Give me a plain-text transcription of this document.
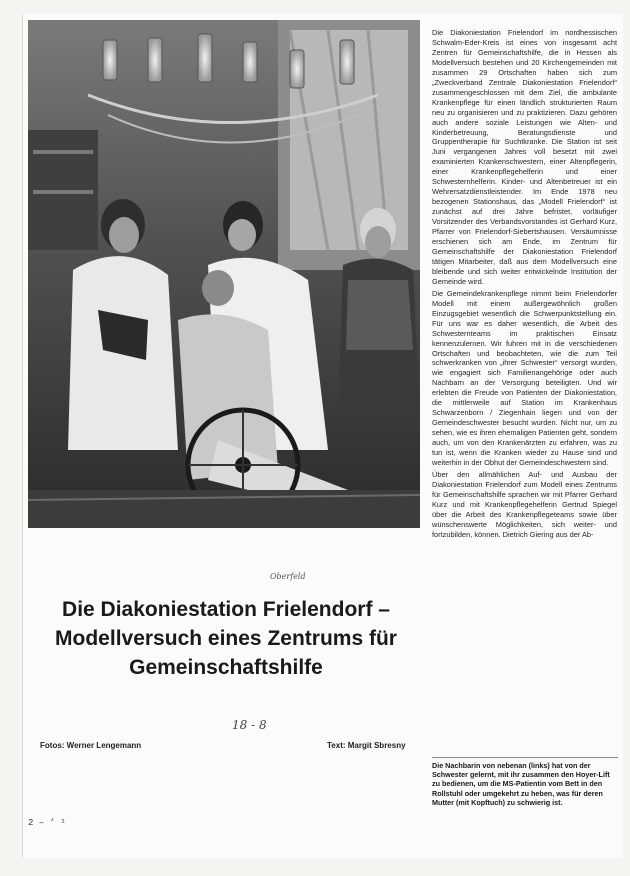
Die Diakoniestation Frielendorf im nordhessischen Schwalm-Eder-Kreis ist eines von insgesamt acht Zentren für Gemeinschaftshilfe, die in Hessen als Modellversuch bestehen und 20 Kirchengemeinden mit zusammen 29 Ortschaften haben sich zum „Zweckverband Zentrale Diakoniestation Frielendorf“ zusammengeschlossen mit dem Ziel, die ambulante Krankenpflege für einen ländlich strukturierten Raum neu zu organisieren und zu praktizieren. Dazu gehören auch andere soziale Leistungen wie Alten- und Kinderbetreuung, Beratungsdienste und Gruppentherapie für Suchtkranke. Die Station ist seit Juni vergangenen Jahres voll besetzt mit zwei examinierten Krankenschwestern, einer Altenpflegerin, einer Krankenpflegehelferin und einer Schwesternhelferin. Kinder- und Altenbetreuer ist ein Wehrersatzdienstleistender. Im Ende 1978 neu bezogenen Stationshaus, das „Modell Frielendorf“ ist zunächst auf drei Jahre befristet, vorläufiger Vorsitzender des Verbandsvorstandes ist Gerhard Kurz, Pfarrer von Frielendorf-Siebertshausen. Versäumnisse erschienen sich am Ende, im Zentrum für Gemeinschaftshilfe der Diakoniestation Frielendorf tätigen Mitarbeiter, daß aus dem Modellversuch eine bleibende und sich weiter entwickelnde Institution der Gemeinde wird.

Die Gemeindekrankenpflege nimmt beim Frielendorfer Modell mit einem außergewöhnlich großen Einzugsgebiet wesentlich die Schwerpunktstellung ein. Für uns war es daher wesentlich, die Arbeit des Schwesternteams im praktischen Einsatz kennenzulernen. Wir fuhren mit in die verschiedenen Ortschaften und beobachteten, wie die zum Teil schwerkranken von „ihrer Schwester“ versorgt wurden, wie engagiert sich Familienangehörige oder auch Nachbarn an der Versorgung beteiligten. Und wir erlebten die Freude von Patienten der Diakoniestation, die mittlerweile auf Station im Krankenhaus Schwarzenborn / Ziegenhain liegen und von der Gemeindeschwester besucht wurden. Nicht nur, um zu sehen, wie es ihren ehemaligen Patienten geht, sondern auch, um von den Krankenärzten zu erfahren, was zu tun ist, wenn die Kranken wieder zu Hause sind und weiterhin in der Obhut der Gemeindeschwestern sind.

Über den allmählichen Auf- und Ausbau der Diakoniestation Frielendorf zum Modell eines Zentrums für Gemeinschaftshilfe sprachen wir mit Pfarrer Gerhard Kurz und mit Krankenpflegehelferin Gertrud Spiegel über die Arbeit des Krankenpflegeteams sowie über wünschenswerte Möglichkeiten, sich weiter- und fortzubilden, können. Dietrich Giering aus der Ab-

Die Nachbarin von nebenan (links) hat von der Schwester gelernt, mit ihr zusammen den Hoyer-Lift zu bedienen, um die MS-Patientin vom Bett in den Rollstuhl oder umgekehrt zu heben, was für deren Mutter (mit Kopftuch) zu schwierig ist.
Oberfeld
Die Diakoniestation Frielendorf –
Modellversuch eines Zentrums für
Gemeinschaftshilfe
18 - 8
Fotos: Werner Lengemann	Text: Margit Sbresny
2 – ’ ¹
